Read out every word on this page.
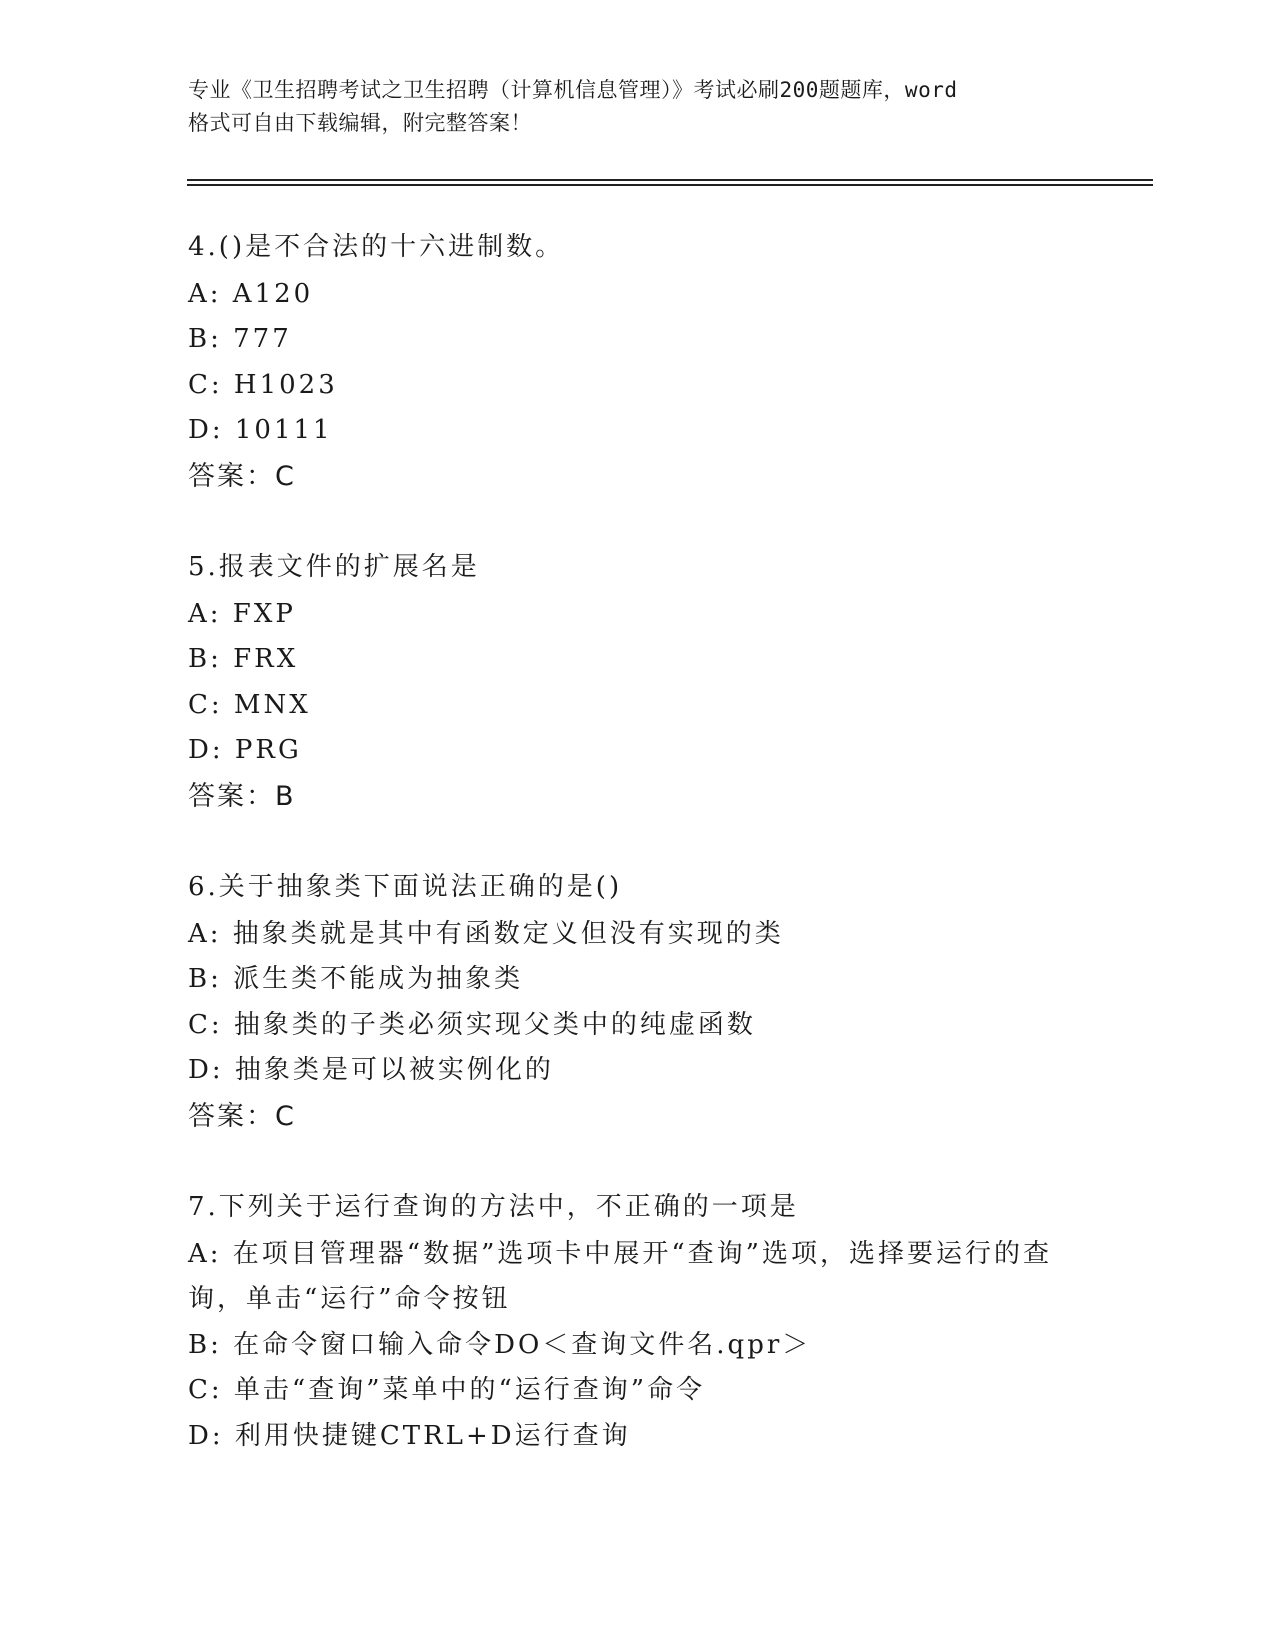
专业《卫生招聘考试之卫生招聘（计算机信息管理）》考试必刷200题题库，word
格式可自由下载编辑，附完整答案！
4.()是不合法的十六进制数。
A: A120
B: 777
C: H1023
D: 10111
答案：C
5.报表文件的扩展名是
A: FXP
B: FRX
C: MNX
D: PRG
答案：B
6.关于抽象类下面说法正确的是()
A: 抽象类就是其中有函数定义但没有实现的类
B: 派生类不能成为抽象类
C: 抽象类的子类必须实现父类中的纯虚函数
D: 抽象类是可以被实例化的
答案：C
7.下列关于运行查询的方法中，不正确的一项是
A: 在项目管理器“数据”选项卡中展开“查询”选项，选择要运行的查询，单击“运行”命令按钮
B: 在命令窗口输入命令DO＜查询文件名.qpr＞
C: 单击“查询”菜单中的“运行查询”命令
D: 利用快捷键CTRL+D运行查询
